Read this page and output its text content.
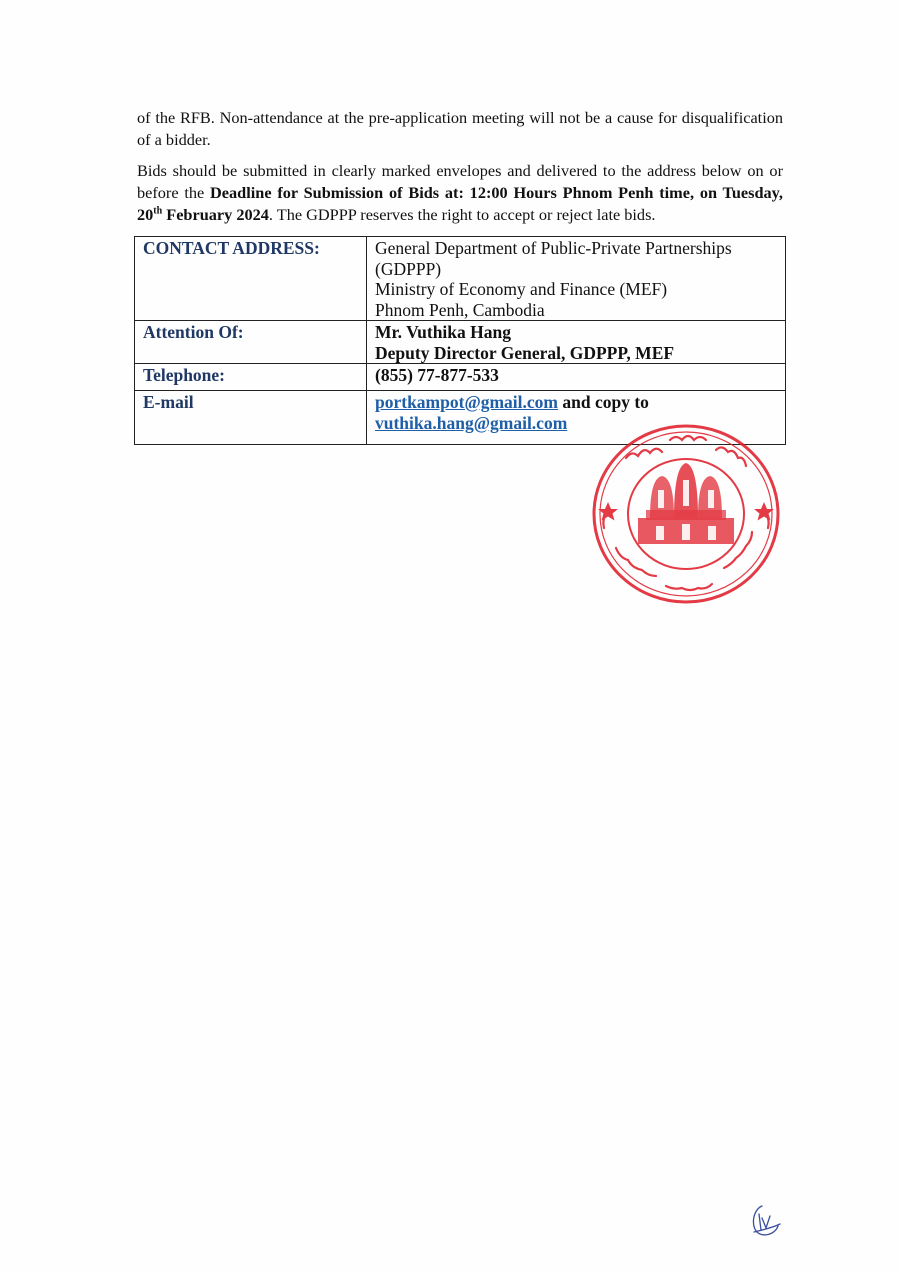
of the RFB. Non-attendance at the pre-application meeting will not be a cause for disqualification of a bidder.

Bids should be submitted in clearly marked envelopes and delivered to the address below on or before the Deadline for Submission of Bids at: 12:00 Hours Phnom Penh time, on Tuesday, 20th February 2024. The GDPPP reserves the right to accept or reject late bids.

CONTACT ADDRESS:	General Department of Public-Private Partnerships (GDPPP)
Ministry of Economy and Finance (MEF)
Phnom Penh, Cambodia

Attention Of:	Mr. Vuthika Hang
Deputy Director General, GDPPP, MEF

Telephone:	(855) 77-877-533
E-mail	portkampot@gmail.com and copy to
vuthika.hang@gmail.com
